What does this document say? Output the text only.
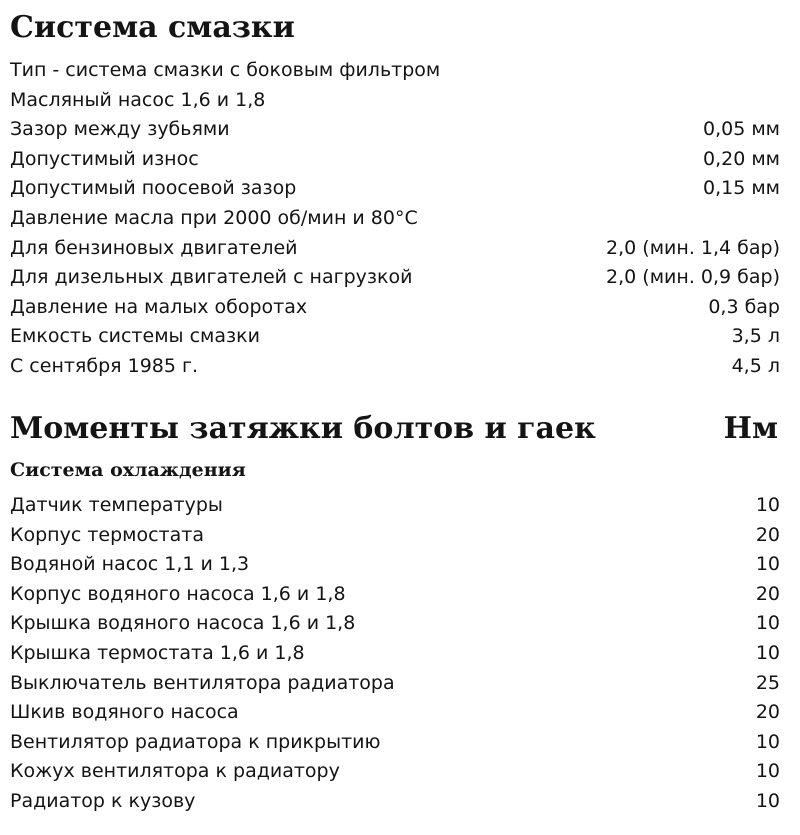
Система смазки
Тип - система смазки с боковым фильтром
Масляный насос 1,6 и 1,8
Зазор между зубьями	0,05 мм
Допустимый износ	0,20 мм
Допустимый поосевой зазор	0,15 мм
Давление масла при 2000 об/мин и 80°С
Для бензиновых двигателей	2,0 (мин. 1,4 бар)
Для дизельных двигателей с нагрузкой	2,0 (мин. 0,9 бар)
Давление на малых оборотах	0,3 бар
Емкость системы смазки	3,5 л
С сентября 1985 г.	4,5 л
Моменты затяжки болтов и гаек	Нм
Система охлаждения
Датчик температуры	10
Корпус термостата	20
Водяной насос 1,1 и 1,3	10
Корпус водяного насоса 1,6 и 1,8	20
Крышка водяного насоса 1,6 и 1,8	10
Крышка термостата 1,6 и 1,8	10
Выключатель вентилятора радиатора	25
Шкив водяного насоса	20
Вентилятор радиатора к прикрытию	10
Кожух вентилятора к радиатору	10
Радиатор к кузову	10
